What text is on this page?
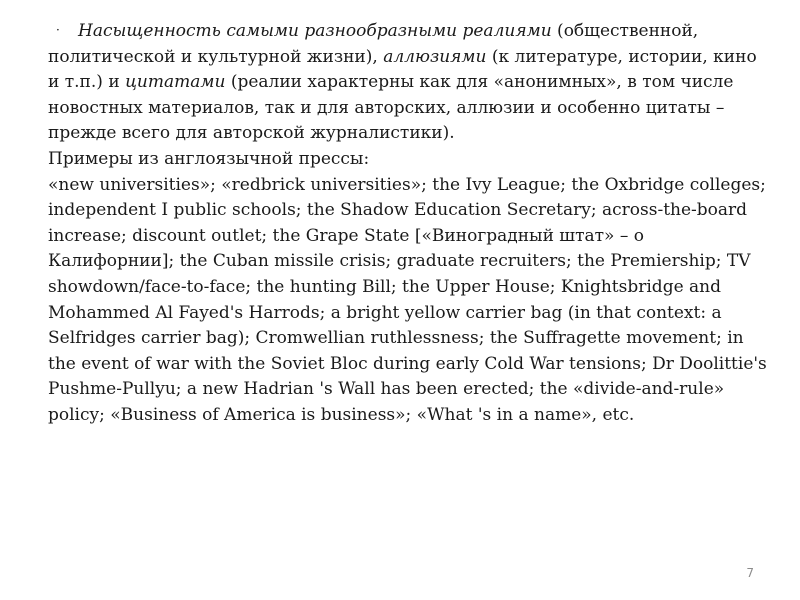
· Насыщенность самыми разнообразными реалиями (общественной, политической и культурной жизни), аллюзиями (к литературе, истории, кино и т.п.) и цитатами (реалии характерны как для «анонимных», в том числе новостных материалов, так и для авторских, аллюзии и особенно цитаты – прежде всего для авторской журналистики).

Примеры из англоязычной прессы:

«new universities»; «redbrick universities»; the Ivy League; the Oxbridge colleges; independent I public schools; the Shadow Education Secretary; across-the-board increase; discount outlet; the Grape State [«Виноградный штат» – о Калифорнии]; the Cuban missile crisis; graduate recruiters; the Premiership; TV showdown/face-to-face; the hunting Bill; the Upper House; Knightsbridge and Mohammed Al Fayed's Harrods; a bright yellow carrier bag (in that context: a Selfridges carrier bag); Cromwellian ruthlessness; the Suffragette movement; in the event of war with the Soviet Bloc during early Cold War tensions; Dr Doolittie's Pushme-Pullyu; a new Hadrian 's Wall has been erected; the «divide-and-rule» policy; «Business of America is business»; «What 's in a name», etc.

7
